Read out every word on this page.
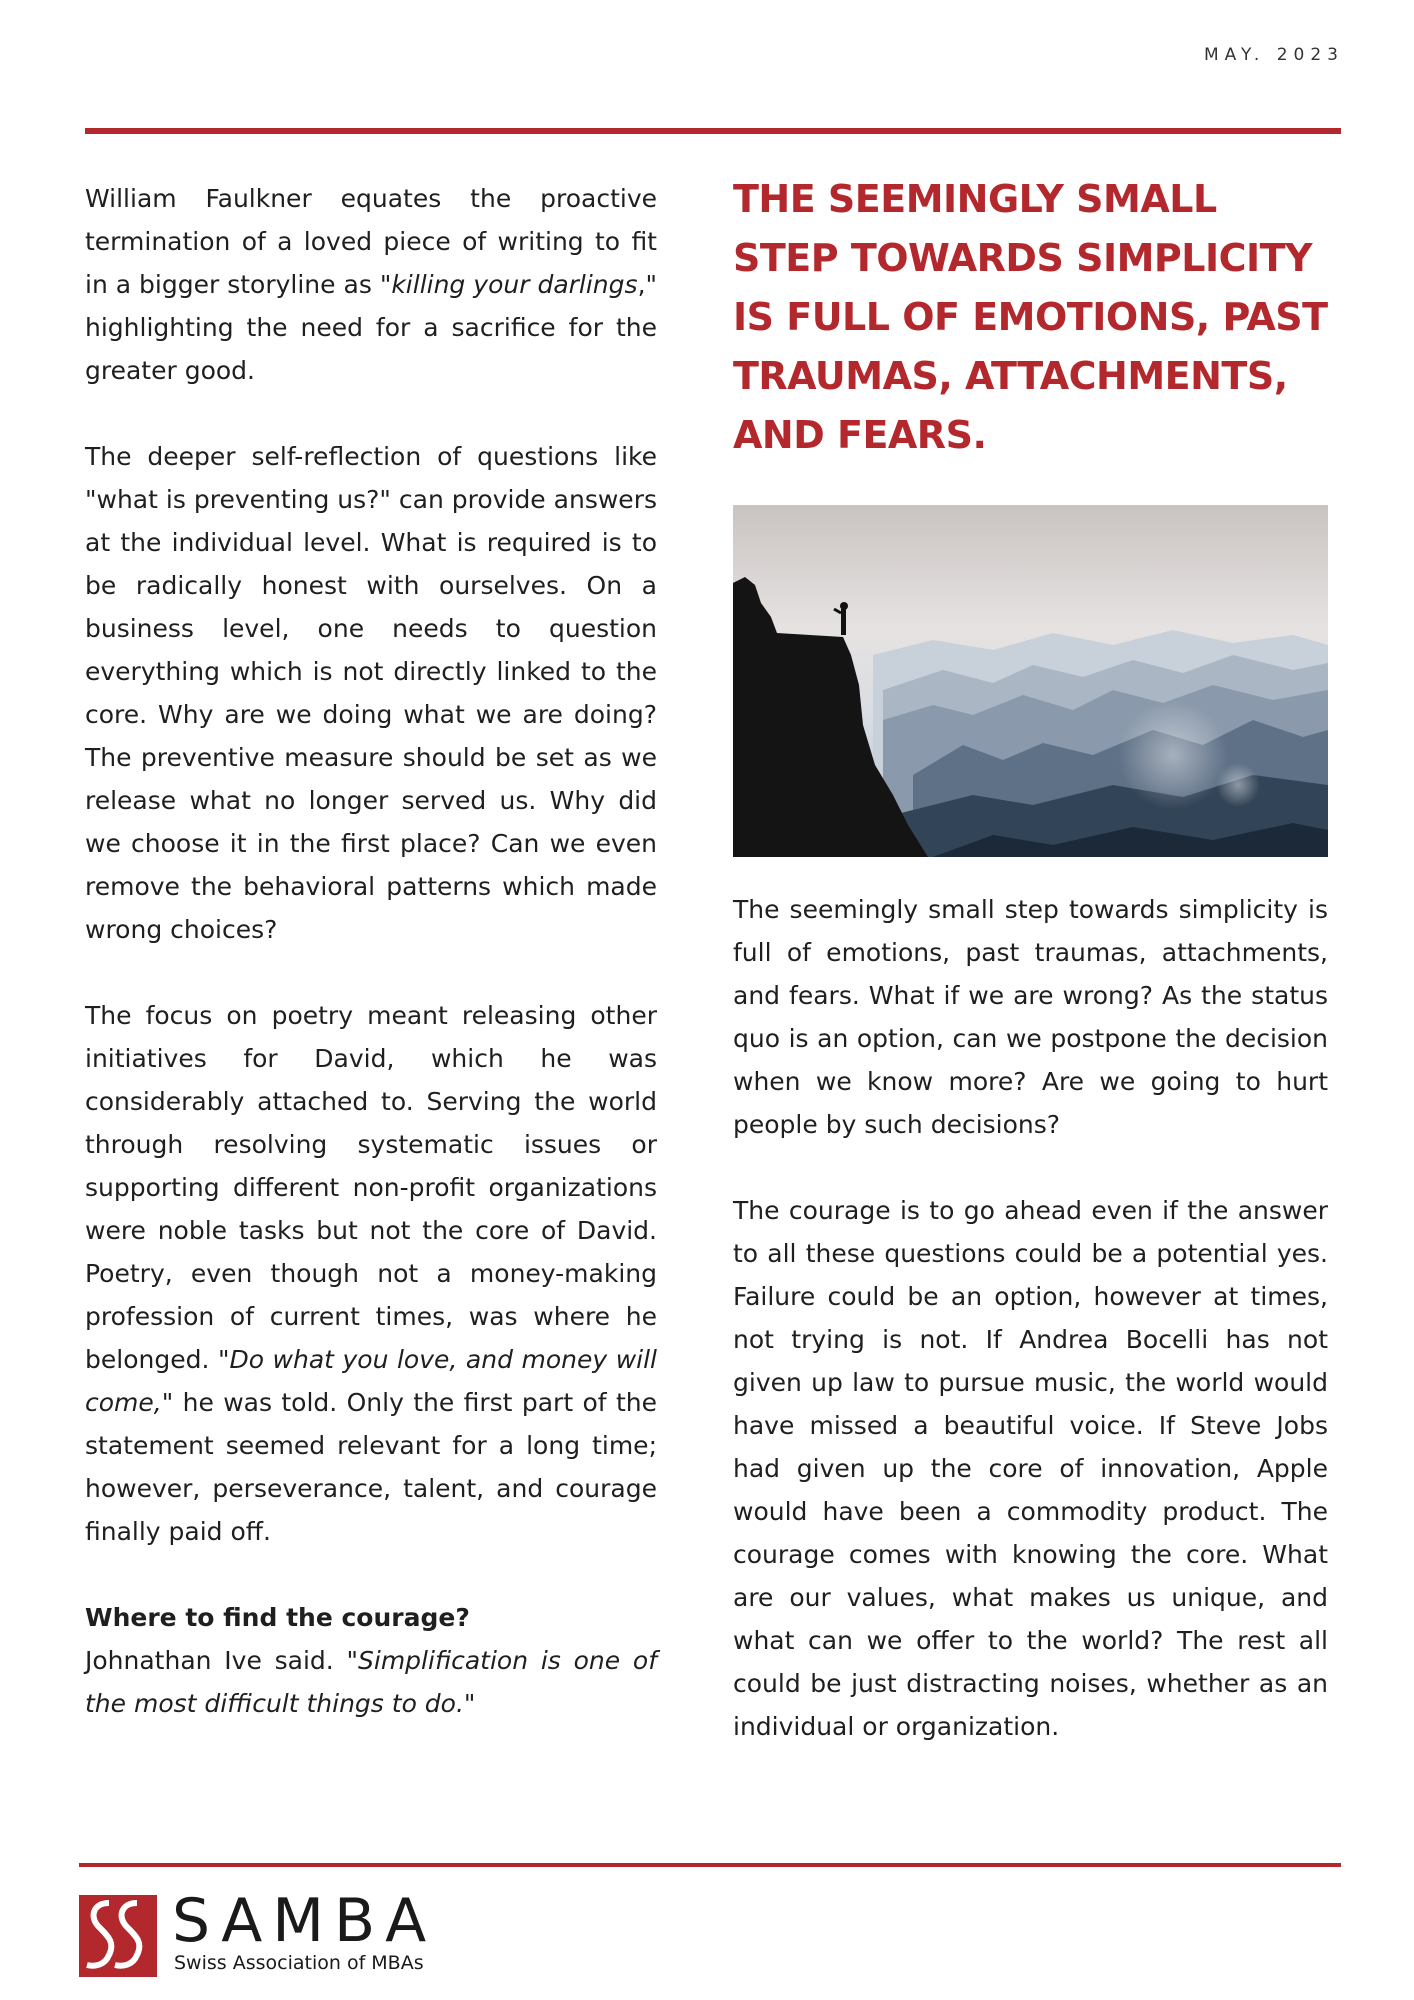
MAY. 2023

William Faulkner equates the proactive termination of a loved piece of writing to fit in a bigger storyline as "killing your darlings," highlighting the need for a sacrifice for the greater good.

The deeper self-reflection of questions like "what is preventing us?" can provide answers at the individual level. What is required is to be radically honest with ourselves. On a business level, one needs to question everything which is not directly linked to the core. Why are we doing what we are doing? The preventive measure should be set as we release what no longer served us. Why did we choose it in the first place? Can we even remove the behavioral patterns which made wrong choices?

The focus on poetry meant releasing other initiatives for David, which he was considerably attached to. Serving the world through resolving systematic issues or supporting different non-profit organizations were noble tasks but not the core of David. Poetry, even though not a money-making profession of current times, was where he belonged. "Do what you love, and money will come," he was told. Only the first part of the statement seemed relevant for a long time; however, perseverance, talent, and courage finally paid off.

Where to find the courage?

Johnathan Ive said. "Simplification is one of the most difficult things to do."

THE SEEMINGLY SMALL STEP TOWARDS SIMPLICITY IS FULL OF EMOTIONS, PAST TRAUMAS, ATTACHMENTS, AND FEARS.

The seemingly small step towards simplicity is full of emotions, past traumas, attachments, and fears. What if we are wrong? As the status quo is an option, can we postpone the decision when we know more? Are we going to hurt people by such decisions?

The courage is to go ahead even if the answer to all these questions could be a potential yes. Failure could be an option, however at times, not trying is not. If Andrea Bocelli has not given up law to pursue music, the world would have missed a beautiful voice. If Steve Jobs had given up the core of innovation, Apple would have been a commodity product. The courage comes with knowing the core. What are our values, what makes us unique, and what can we offer to the world? The rest all could be just distracting noises, whether as an individual or organization.

SAMBA
Swiss Association of MBAs
